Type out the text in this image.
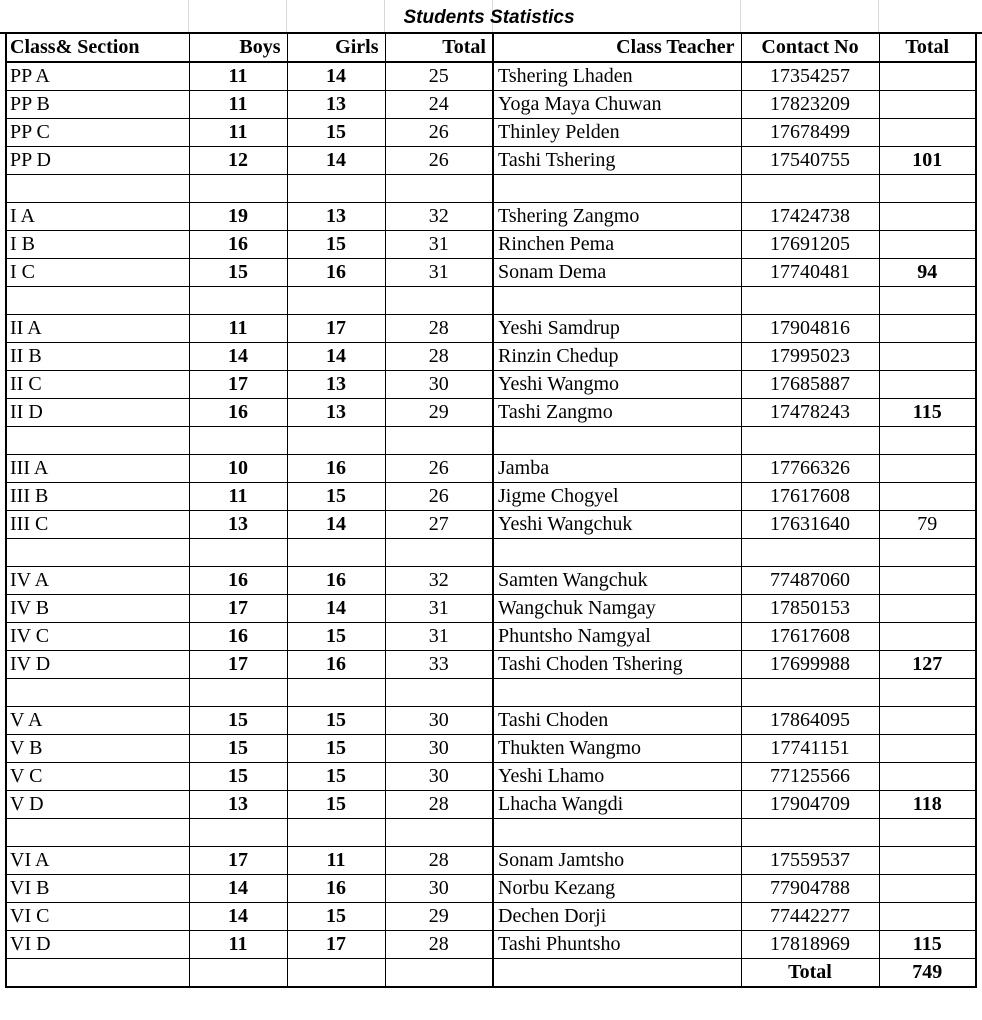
Students Statistics
Class& Section	Boys	Girls	Total	Class Teacher	Contact No	Total
PP A	11	14	25	Tshering Lhaden	17354257	
PP B	11	13	24	Yoga Maya Chuwan	17823209	
PP C	11	15	26	Thinley Pelden	17678499	
PP D	12	14	26	Tashi Tshering	17540755	101

I A	19	13	32	Tshering Zangmo	17424738	
I B	16	15	31	Rinchen Pema	17691205	
I C	15	16	31	Sonam Dema	17740481	94

II A	11	17	28	Yeshi Samdrup	17904816	
II B	14	14	28	Rinzin Chedup	17995023	
II C	17	13	30	Yeshi Wangmo	17685887	
II D	16	13	29	Tashi Zangmo	17478243	115

III A	10	16	26	Jamba	17766326	
III B	11	15	26	Jigme Chogyel	17617608	
III C	13	14	27	Yeshi Wangchuk	17631640	79

IV A	16	16	32	Samten Wangchuk	77487060	
IV B	17	14	31	Wangchuk Namgay	17850153	
IV C	16	15	31	Phuntsho Namgyal	17617608	
IV D	17	16	33	Tashi Choden Tshering	17699988	127

V A	15	15	30	Tashi Choden	17864095	
V B	15	15	30	Thukten Wangmo	17741151	
V C	15	15	30	Yeshi Lhamo	77125566	
V D	13	15	28	Lhacha Wangdi	17904709	118

VI A	17	11	28	Sonam Jamtsho	17559537	
VI B	14	16	30	Norbu Kezang	77904788	
VI C	14	15	29	Dechen Dorji	77442277	
VI D	11	17	28	Tashi Phuntsho	17818969	115
					Total	749
